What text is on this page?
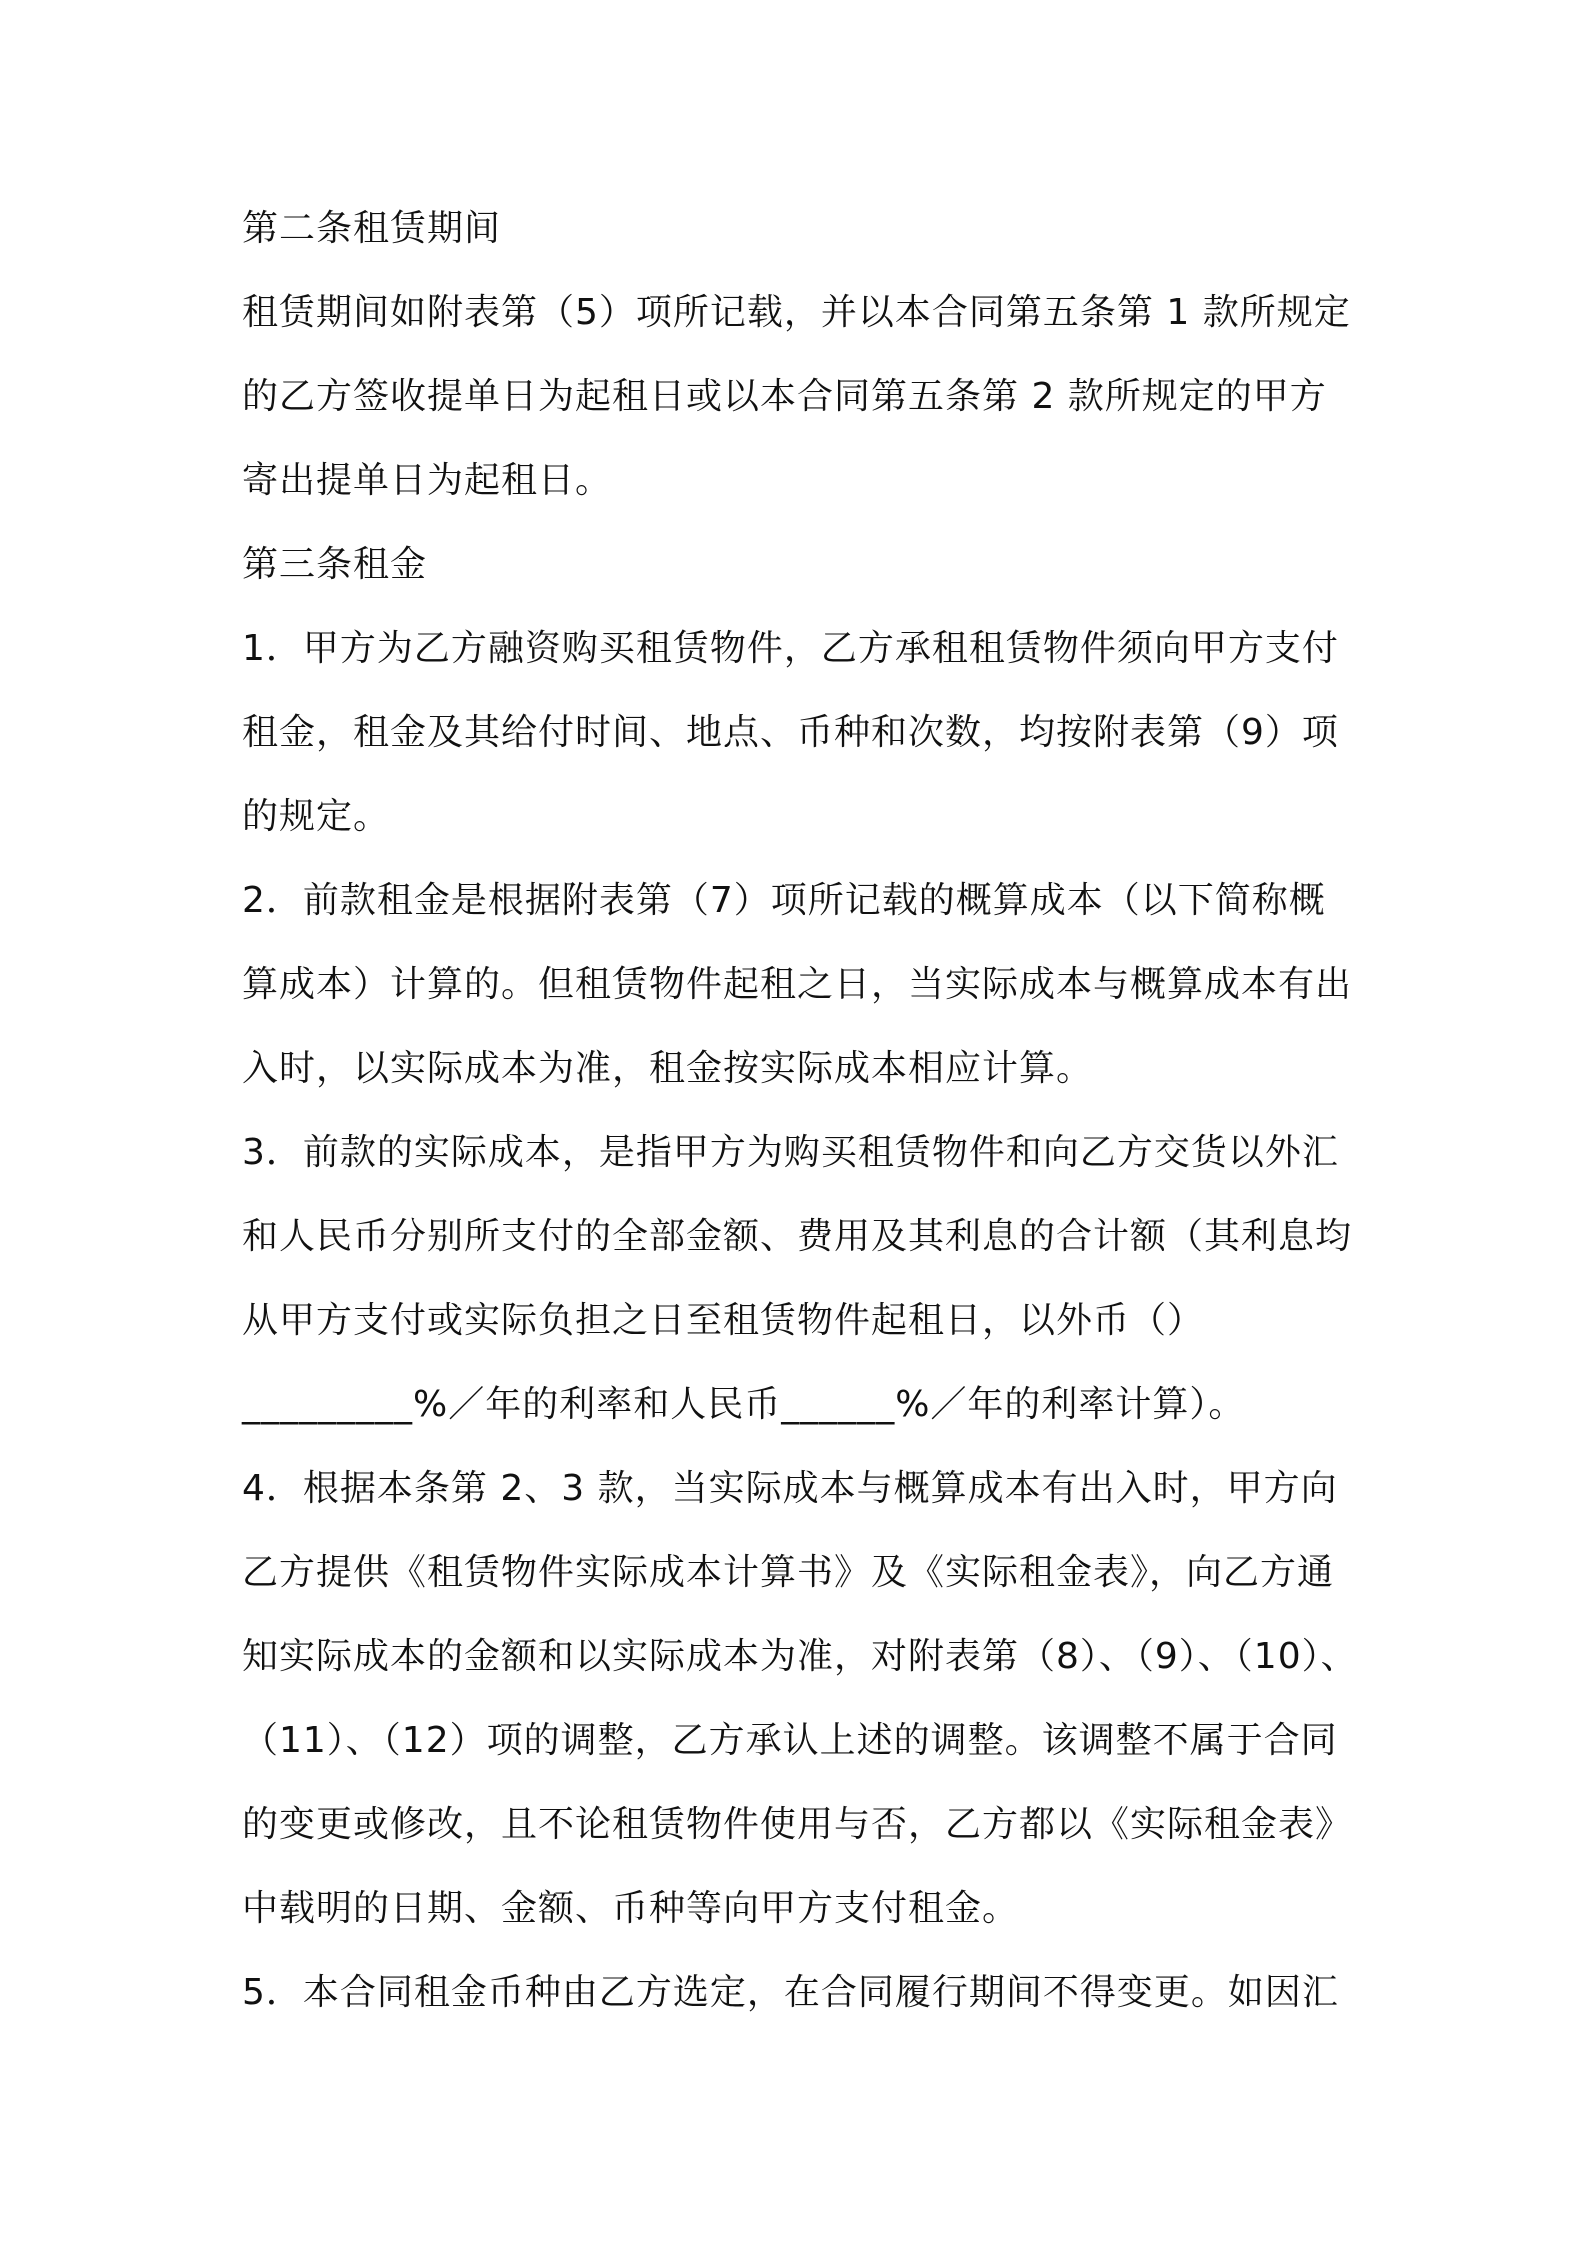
第二条租赁期间
租赁期间如附表第（5）项所记载，并以本合同第五条第 1 款所规定
的乙方签收提单日为起租日或以本合同第五条第 2 款所规定的甲方
寄出提单日为起租日。
第三条租金
1．甲方为乙方融资购买租赁物件，乙方承租租赁物件须向甲方支付
租金，租金及其给付时间、地点、币种和次数，均按附表第（9）项
的规定。
2．前款租金是根据附表第（7）项所记载的概算成本（以下简称概
算成本）计算的。但租赁物件起租之日，当实际成本与概算成本有出
入时，以实际成本为准，租金按实际成本相应计算。
3．前款的实际成本，是指甲方为购买租赁物件和向乙方交货以外汇
和人民币分别所支付的全部金额、费用及其利息的合计额（其利息均
从甲方支付或实际负担之日至租赁物件起租日，以外币（）
_________%／年的利率和人民币______%／年的利率计算）。
4．根据本条第 2、3 款，当实际成本与概算成本有出入时，甲方向
乙方提供《租赁物件实际成本计算书》及《实际租金表》，向乙方通
知实际成本的金额和以实际成本为准，对附表第（8）、（9）、（10）、
（11）、（12）项的调整，乙方承认上述的调整。该调整不属于合同
的变更或修改，且不论租赁物件使用与否，乙方都以《实际租金表》
中载明的日期、金额、币种等向甲方支付租金。
5．本合同租金币种由乙方选定，在合同履行期间不得变更。如因汇
